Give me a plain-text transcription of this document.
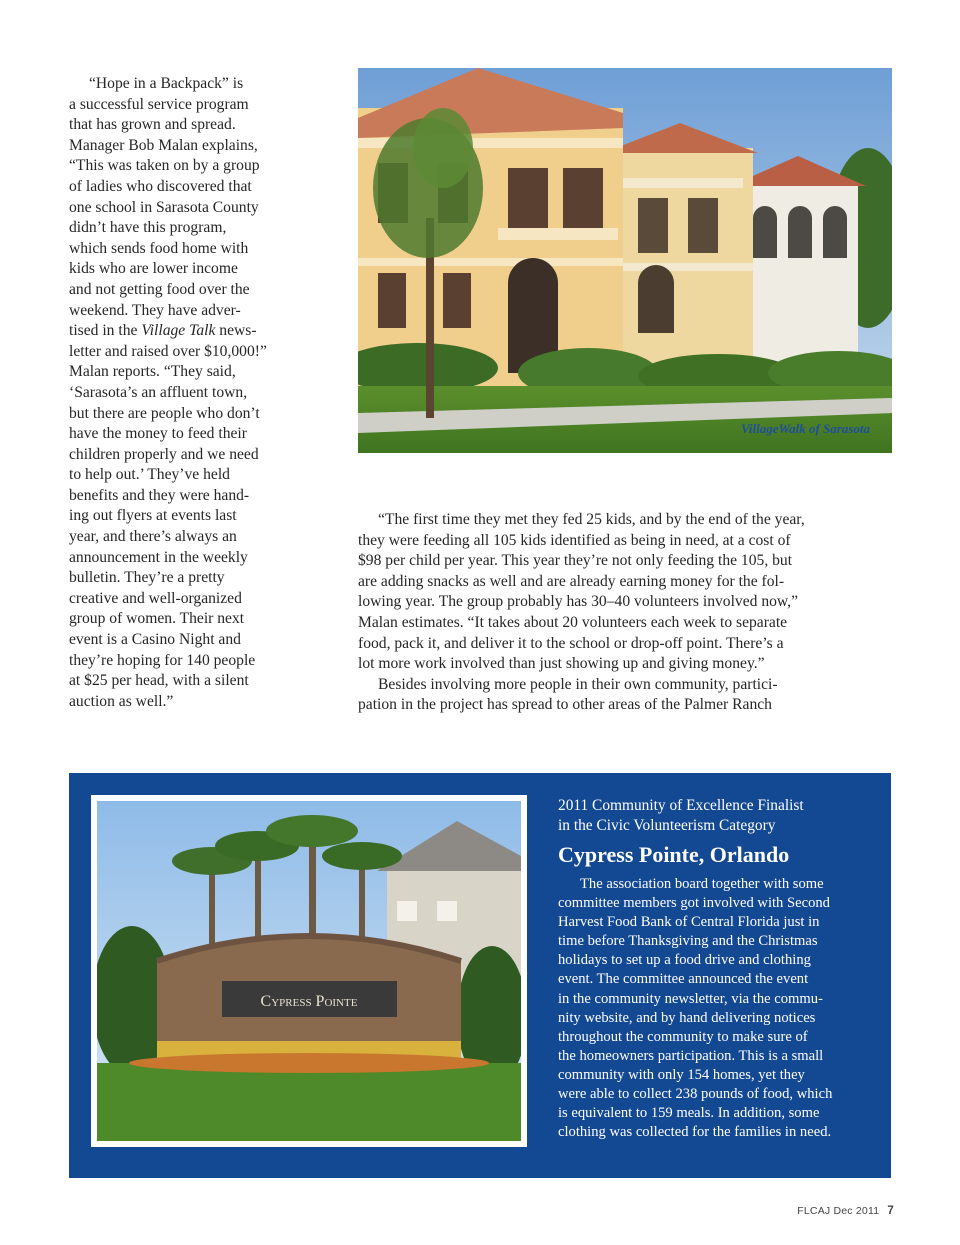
“Hope in a Backpack” is
a successful service program
that has grown and spread.
Manager Bob Malan explains,
“This was taken on by a group
of ladies who discovered that
one school in Sarasota County
didn’t have this program,
which sends food home with
kids who are lower income
and not getting food over the
weekend. They have adver-
tised in the Village Talk news-
letter and raised over $10,000!”
Malan reports. “They said,
‘Sarasota’s an affluent town,
but there are people who don’t
have the money to feed their
children properly and we need
to help out.’ They’ve held
benefits and they were hand-
ing out flyers at events last
year, and there’s always an
announcement in the weekly
bulletin. They’re a pretty
creative and well-organized
group of women. Their next
event is a Casino Night and
they’re hoping for 140 people
at $25 per head, with a silent
auction as well.”

VillageWalk of Sarasota

“The first time they met they fed 25 kids, and by the end of the year,
they were feeding all 105 kids identified as being in need, at a cost of
$98 per child per year. This year they’re not only feeding the 105, but
are adding snacks as well and are already earning money for the fol-
lowing year. The group probably has 30–40 volunteers involved now,”
Malan estimates. “It takes about 20 volunteers each week to separate
food, pack it, and deliver it to the school or drop-off point. There’s a
lot more work involved than just showing up and giving money.”

Besides involving more people in their own community, partici-
pation in the project has spread to other areas of the Palmer Ranch

Cypress Pointe

2011 Community of Excellence Finalist
in the Civic Volunteerism Category

Cypress Pointe, Orlando

The association board together with some
committee members got involved with Second
Harvest Food Bank of Central Florida just in
time before Thanksgiving and the Christmas
holidays to set up a food drive and clothing
event. The committee announced the event
in the community newsletter, via the commu-
nity website, and by hand delivering notices
throughout the community to make sure of
the homeowners participation. This is a small
community with only 154 homes, yet they
were able to collect 238 pounds of food, which
is equivalent to 159 meals. In addition, some
clothing was collected for the families in need.

FLCAJ Dec 2011 7
